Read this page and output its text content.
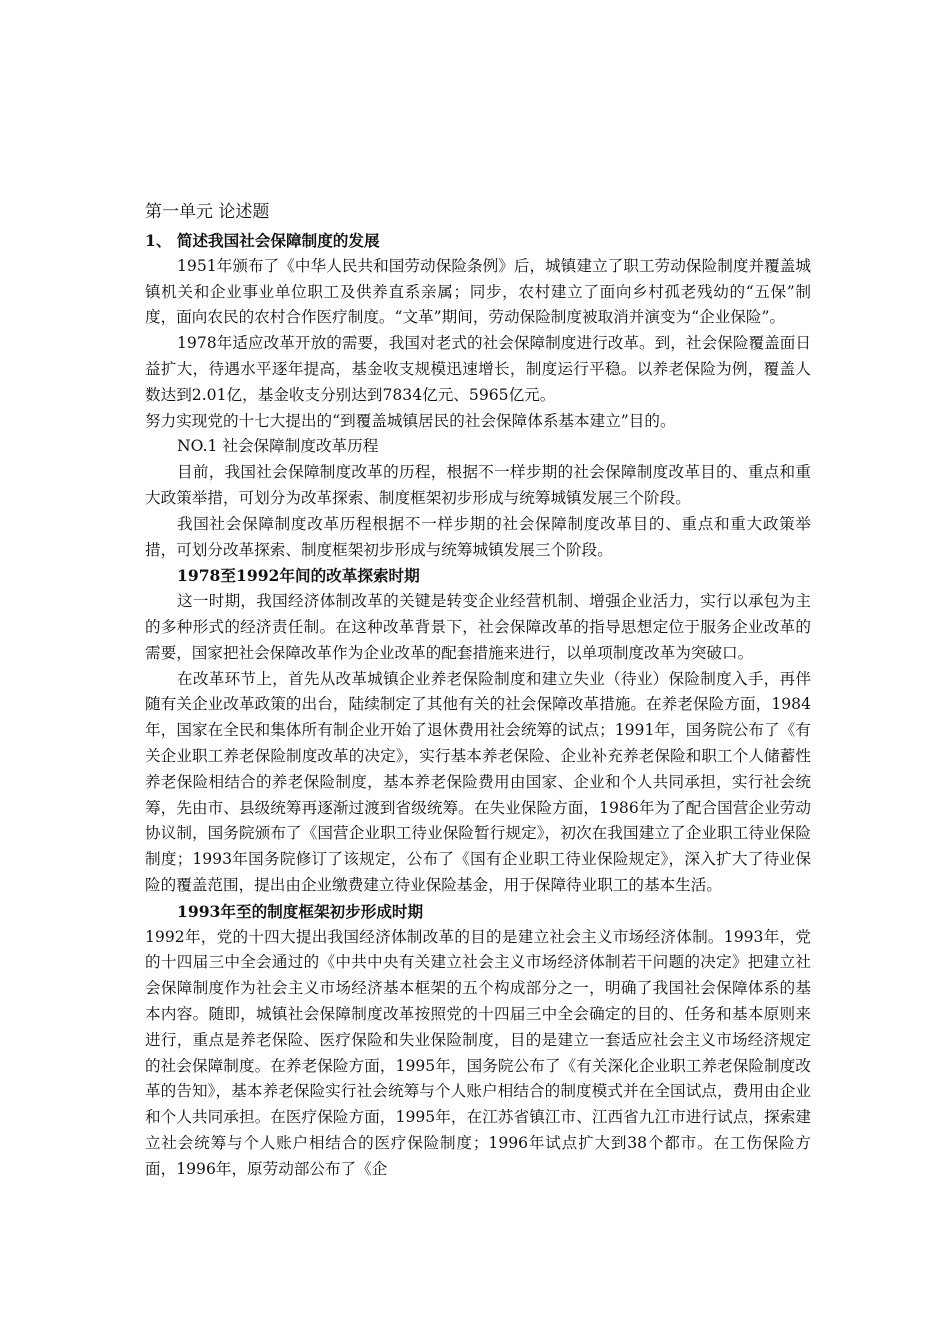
第一单元 论述题

1、 简述我国社会保障制度的发展

1951年颁布了《中华人民共和国劳动保险条例》后，城镇建立了职工劳动保险制度并覆盖城镇机关和企业事业单位职工及供养直系亲属；同步，农村建立了面向乡村孤老残幼的“五保”制度，面向农民的农村合作医疗制度。“文革”期间，劳动保险制度被取消并演变为“企业保险”。

1978年适应改革开放的需要，我国对老式的社会保障制度进行改革。到，社会保险覆盖面日益扩大，待遇水平逐年提高，基金收支规模迅速增长，制度运行平稳。以养老保险为例，覆盖人数达到2.01亿，基金收支分别达到7834亿元、5965亿元。

努力实现党的十七大提出的“到覆盖城镇居民的社会保障体系基本建立”目的。

NO.1 社会保障制度改革历程

目前，我国社会保障制度改革的历程，根据不一样步期的社会保障制度改革目的、重点和重大政策举措，可划分为改革探索、制度框架初步形成与统筹城镇发展三个阶段。

我国社会保障制度改革历程根据不一样步期的社会保障制度改革目的、重点和重大政策举措，可划分改革探索、制度框架初步形成与统筹城镇发展三个阶段。

1978至1992年间的改革探索时期

这一时期，我国经济体制改革的关键是转变企业经营机制、增强企业活力，实行以承包为主的多种形式的经济责任制。在这种改革背景下，社会保障改革的指导思想定位于服务企业改革的需要，国家把社会保障改革作为企业改革的配套措施来进行，以单项制度改革为突破口。

在改革环节上，首先从改革城镇企业养老保险制度和建立失业（待业）保险制度入手，再伴随有关企业改革政策的出台，陆续制定了其他有关的社会保障改革措施。在养老保险方面，1984年，国家在全民和集体所有制企业开始了退休费用社会统筹的试点；1991年，国务院公布了《有关企业职工养老保险制度改革的决定》，实行基本养老保险、企业补充养老保险和职工个人储蓄性养老保险相结合的养老保险制度，基本养老保险费用由国家、企业和个人共同承担，实行社会统筹，先由市、县级统筹再逐渐过渡到省级统筹。在失业保险方面，1986年为了配合国营企业劳动协议制，国务院颁布了《国营企业职工待业保险暂行规定》，初次在我国建立了企业职工待业保险制度；1993年国务院修订了该规定，公布了《国有企业职工待业保险规定》，深入扩大了待业保险的覆盖范围，提出由企业缴费建立待业保险基金，用于保障待业职工的基本生活。

1993年至的制度框架初步形成时期

1992年，党的十四大提出我国经济体制改革的目的是建立社会主义市场经济体制。1993年，党的十四届三中全会通过的《中共中央有关建立社会主义市场经济体制若干问题的决定》把建立社会保障制度作为社会主义市场经济基本框架的五个构成部分之一，明确了我国社会保障体系的基本内容。随即，城镇社会保障制度改革按照党的十四届三中全会确定的目的、任务和基本原则来进行，重点是养老保险、医疗保险和失业保险制度，目的是建立一套适应社会主义市场经济规定的社会保障制度。在养老保险方面，1995年，国务院公布了《有关深化企业职工养老保险制度改革的告知》，基本养老保险实行社会统筹与个人账户相结合的制度模式并在全国试点，费用由企业和个人共同承担。在医疗保险方面，1995年，在江苏省镇江市、江西省九江市进行试点，探索建立社会统筹与个人账户相结合的医疗保险制度；1996年试点扩大到38个都市。在工伤保险方面，1996年，原劳动部公布了《企
